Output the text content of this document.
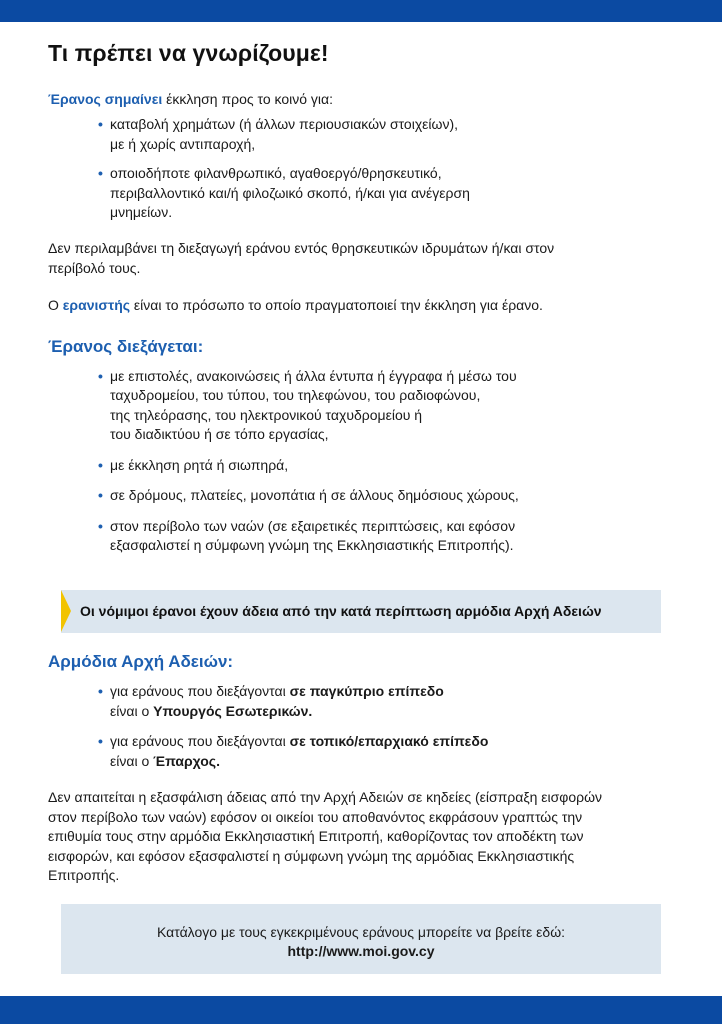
Τι πρέπει να γνωρίζουμε!

Έρανος σημαίνει έκκληση προς το κοινό για:

• καταβολή χρημάτων (ή άλλων περιουσιακών στοιχείων),
με ή χωρίς αντιπαροχή,
• οποιοδήποτε φιλανθρωπικό, αγαθοεργό/θρησκευτικό,
περιβαλλοντικό και/ή φιλοζωικό σκοπό, ή/και για ανέγερση
μνημείων.

Δεν περιλαμβάνει τη διεξαγωγή εράνου εντός θρησκευτικών ιδρυμάτων ή/και στον
περίβολό τους.

Ο ερανιστής είναι το πρόσωπο το οποίο πραγματοποιεί την έκκληση για έρανο.

Έρανος διεξάγεται:
• με επιστολές, ανακοινώσεις ή άλλα έντυπα ή έγγραφα ή μέσω του
ταχυδρομείου, του τύπου, του τηλεφώνου, του ραδιοφώνου,
της τηλεόρασης, του ηλεκτρονικού ταχυδρομείου ή
του διαδικτύου ή σε τόπο εργασίας,
• με έκκληση ρητά ή σιωπηρά,
• σε δρόμους, πλατείες, μονοπάτια ή σε άλλους δημόσιους χώρους,
• στον περίβολο των ναών (σε εξαιρετικές περιπτώσεις, και εφόσον
εξασφαλιστεί η σύμφωνη γνώμη της Εκκλησιαστικής Επιτροπής).
Οι νόμιμοι έρανοι έχουν άδεια από την κατά περίπτωση αρμόδια Αρχή Αδειών
Αρμόδια Αρχή Αδειών:
• για εράνους που διεξάγονται σε παγκύπριο επίπεδο
είναι ο Υπουργός Εσωτερικών.
• για εράνους που διεξάγονται σε τοπικό/επαρχιακό επίπεδο
είναι ο Έπαρχος.

Δεν απαιτείται η εξασφάλιση άδειας από την Αρχή Αδειών σε κηδείες (είσπραξη εισφορών
στον περίβολο των ναών) εφόσον οι οικείοι του αποθανόντος εκφράσουν γραπτώς την
επιθυμία τους στην αρμόδια Εκκλησιαστική Επιτροπή, καθορίζοντας τον αποδέκτη των
εισφορών, και εφόσον εξασφαλιστεί η σύμφωνη γνώμη της αρμόδιας Εκκλησιαστικής
Επιτροπής.

Κατάλογο με τους εγκεκριμένους εράνους μπορείτε να βρείτε εδώ:
http://www.moi.gov.cy
